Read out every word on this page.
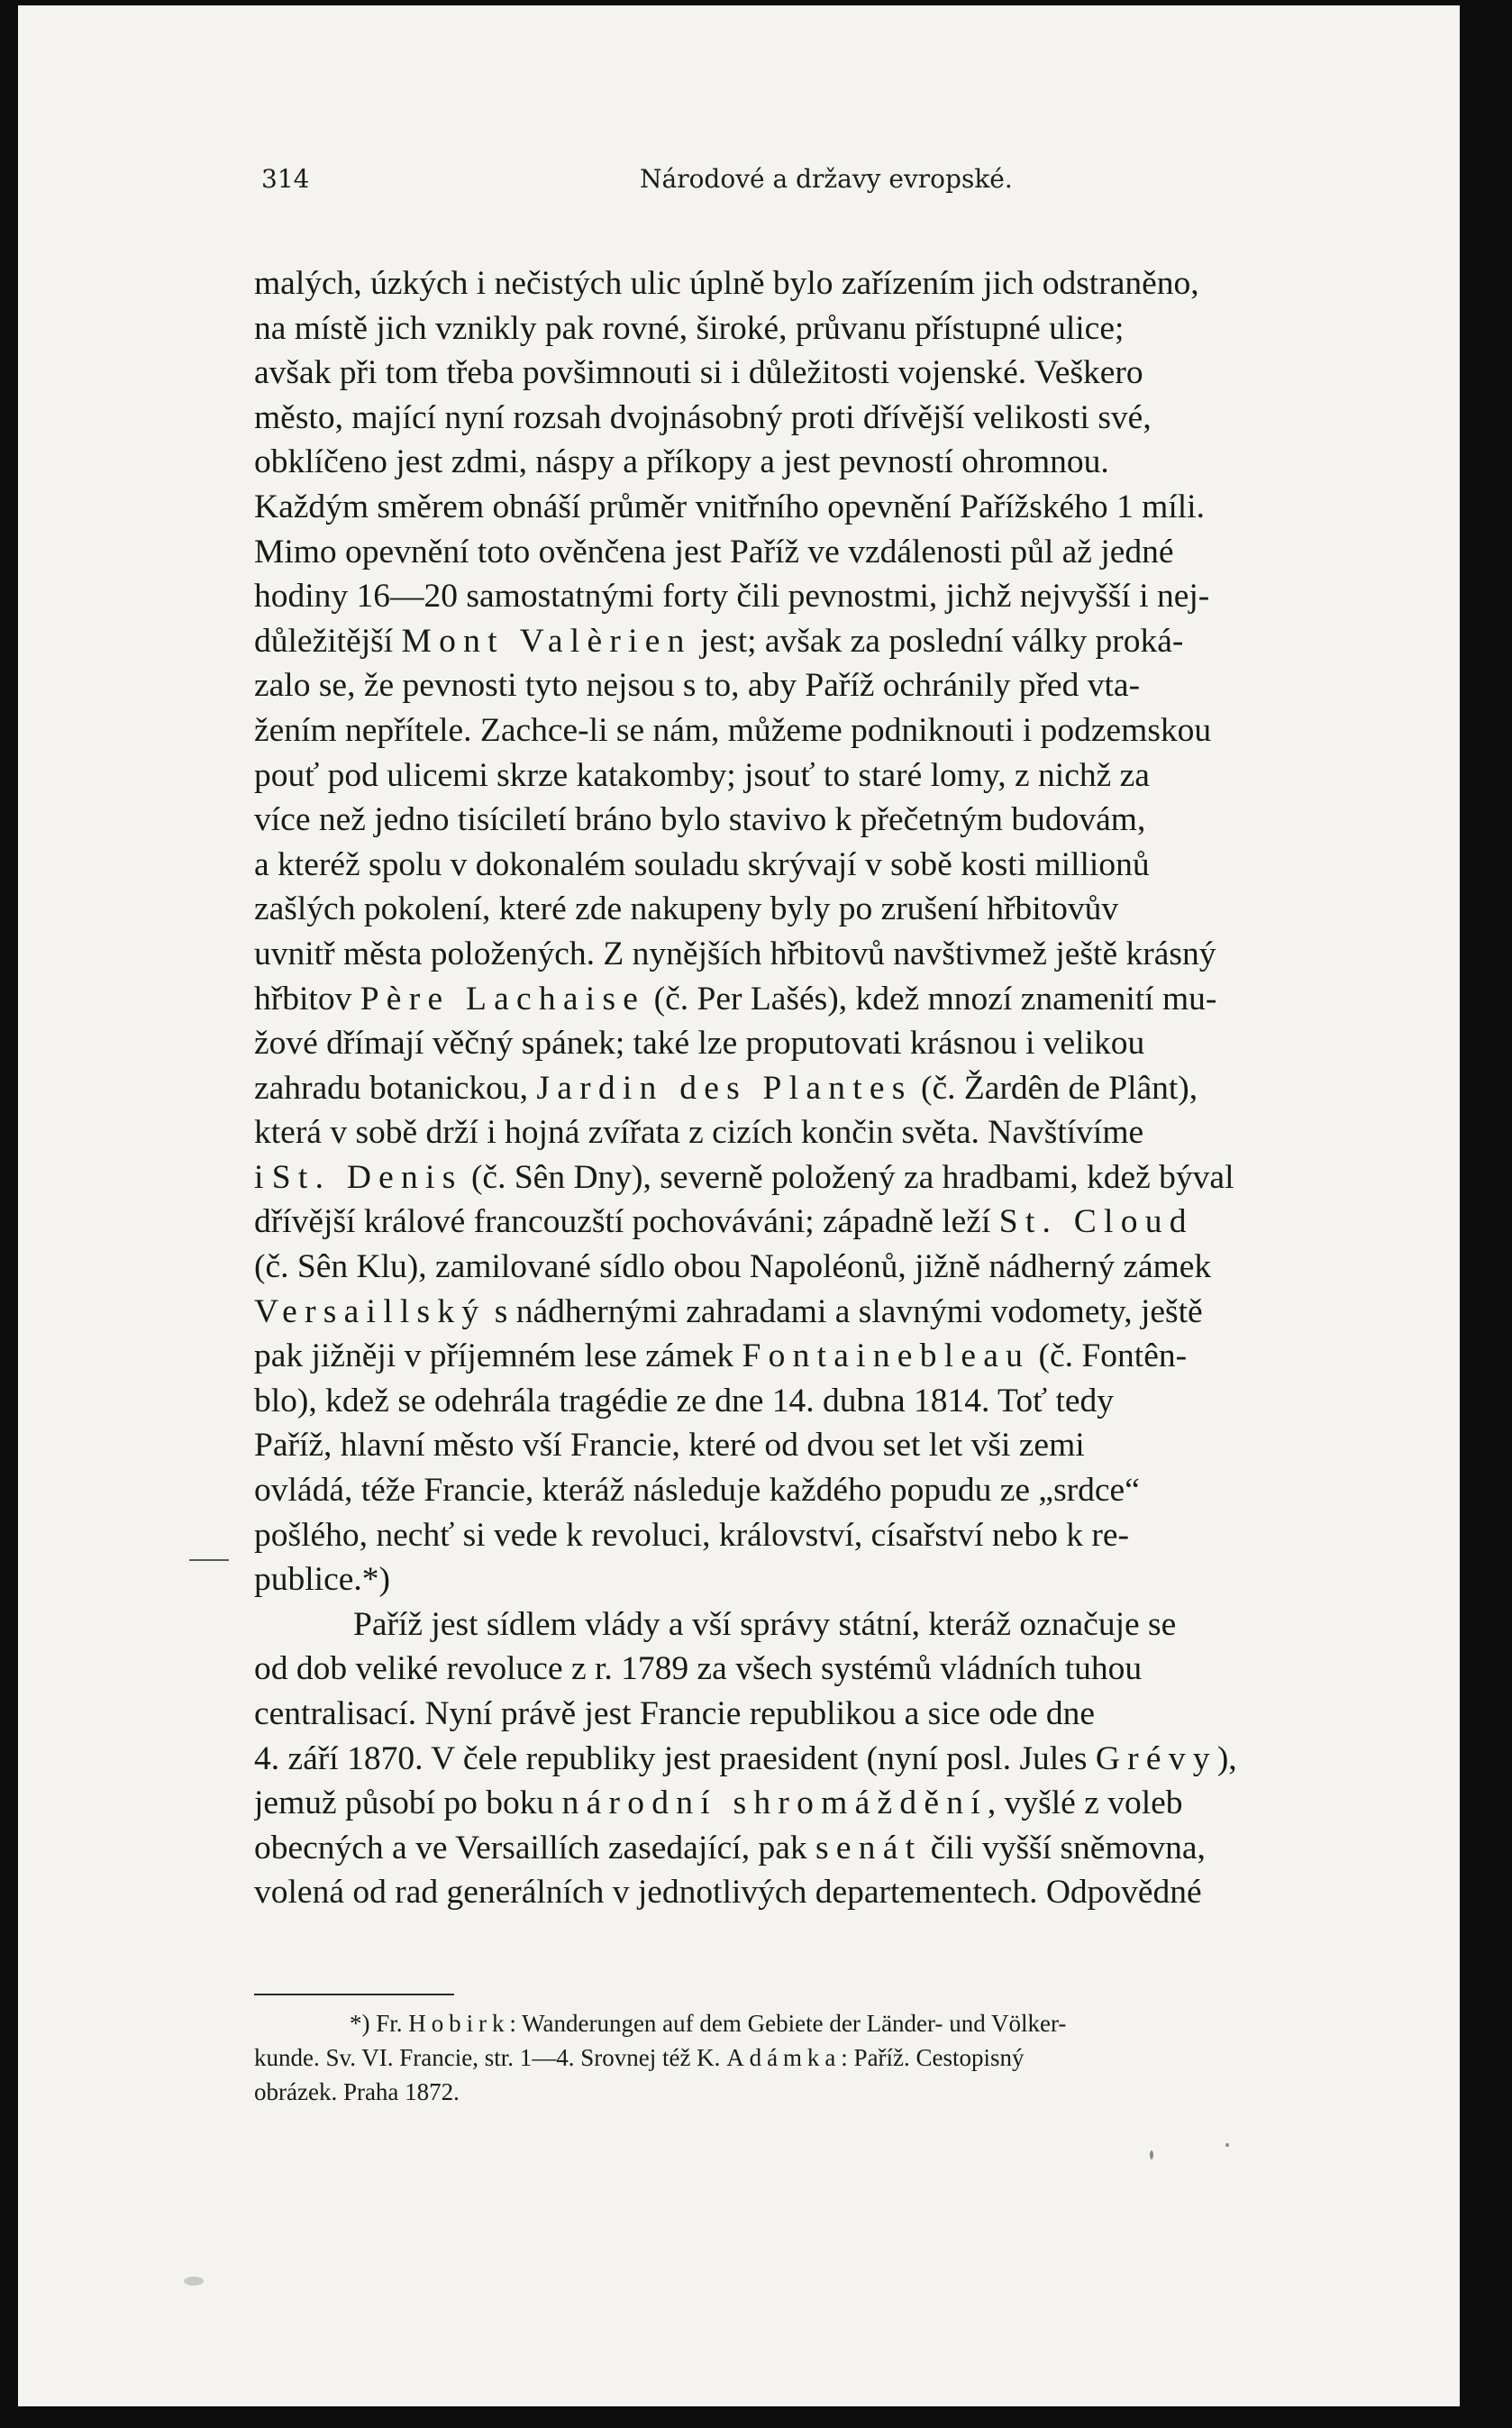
314	Národové a državy evropské.
malých, úzkých i nečistých ulic úplně bylo zařízením jich odstraněno,
na místě jich vznikly pak rovné, široké, průvanu přístupné ulice;
avšak při tom třeba povšimnouti si i důležitosti vojenské. Veškero
město, mající nyní rozsah dvojnásobný proti dřívější velikosti své,
obklíčeno jest zdmi, náspy a příkopy a jest pevností ohromnou.
Každým směrem obnáší průměr vnitřního opevnění Pařížského 1 míli.
Mimo opevnění toto ověnčena jest Paříž ve vzdálenosti půl až jedné
hodiny 16—20 samostatnými forty čili pevnostmi, jichž nejvyšší i nej-
důležitější Mont Valèrien jest; avšak za poslední války proká-
zalo se, že pevnosti tyto nejsou s to, aby Paříž ochránily před vta-
žením nepřítele. Zachce-li se nám, můžeme podniknouti i podzemskou
pouť pod ulicemi skrze katakomby; jsouť to staré lomy, z nichž za
více než jedno tisíciletí bráno bylo stavivo k přečetným budovám,
a kteréž spolu v dokonalém souladu skrývají v sobě kosti millionů
zašlých pokolení, které zde nakupeny byly po zrušení hřbitovův
uvnitř města položených. Z nynějších hřbitovů navštivmež ještě krásný
hřbitov Père Lachaise (č. Per Lašés), kdež mnozí znamenití mu-
žové dřímají věčný spánek; také lze proputovati krásnou i velikou
zahradu botanickou, Jardin des Plantes (č. Žardên de Plânt),
která v sobě drží i hojná zvířata z cizích končin světa. Navštívíme
i St. Denis (č. Sên Dny), severně položený za hradbami, kdež býval
dřívější králové francouzští pochováváni; západně leží St. Cloud
(č. Sên Klu), zamilované sídlo obou Napoléonů, jižně nádherný zámek
Versaillský s nádhernými zahradami a slavnými vodomety, ještě
pak jižněji v příjemném lese zámek Fontainebleau (č. Fontên-
blo), kdež se odehrála tragédie ze dne 14. dubna 1814. Toť tedy
Paříž, hlavní město vší Francie, které od dvou set let vši zemi
ovládá, téže Francie, kteráž následuje každého popudu ze „srdce“
pošlého, nechť si vede k revoluci, království, císařství nebo k re-
publice.*)
Paříž jest sídlem vlády a vší správy státní, kteráž označuje se
od dob veliké revoluce z r. 1789 za všech systémů vládních tuhou
centralisací. Nyní právě jest Francie republikou a sice ode dne
4. září 1870. V čele republiky jest praesident (nyní posl. Jules Grévy),
jemuž působí po boku národní shromáždění, vyšlé z voleb
obecných a ve Versaillích zasedající, pak senát čili vyšší sněmovna,
volená od rad generálních v jednotlivých departementech. Odpovědné
*) Fr. Hobirk: Wanderungen auf dem Gebiete der Länder- und Völker-
kunde. Sv. VI. Francie, str. 1—4. Srovnej též K. Adámka: Paříž. Cestopisný
obrázek. Praha 1872.
